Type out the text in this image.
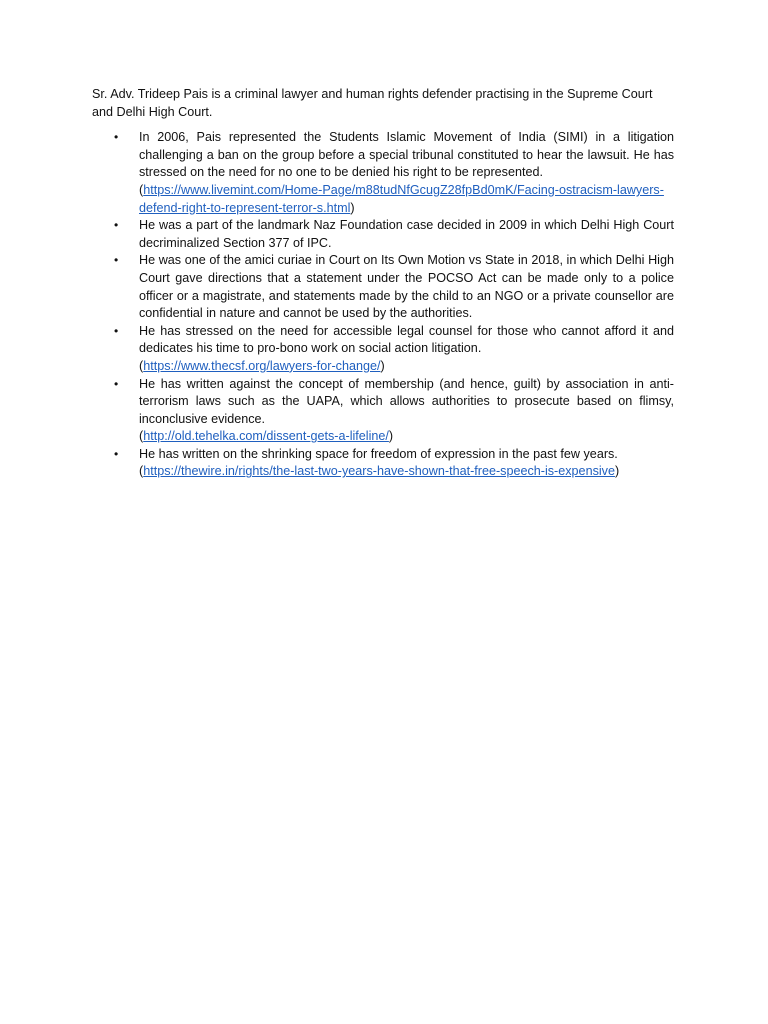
Sr. Adv. Trideep Pais is a criminal lawyer and human rights defender practising in the Supreme Court and Delhi High Court.

• In 2006, Pais represented the Students Islamic Movement of India (SIMI) in a litigation challenging a ban on the group before a special tribunal constituted to hear the lawsuit. He has stressed on the need for no one to be denied his right to be represented.
(https://www.livemint.com/Home-Page/m88tudNfGcugZ28fpBd0mK/Facing-ostracism-lawyers-defend-right-to-represent-terror-s.html)
• He was a part of the landmark Naz Foundation case decided in 2009 in which Delhi High Court decriminalized Section 377 of IPC.
• He was one of the amici curiae in Court on Its Own Motion vs State in 2018, in which Delhi High Court gave directions that a statement under the POCSO Act can be made only to a police officer or a magistrate, and statements made by the child to an NGO or a private counsellor are confidential in nature and cannot be used by the authorities.
• He has stressed on the need for accessible legal counsel for those who cannot afford it and dedicates his time to pro-bono work on social action litigation.
(https://www.thecsf.org/lawyers-for-change/)
• He has written against the concept of membership (and hence, guilt) by association in anti-terrorism laws such as the UAPA, which allows authorities to prosecute based on flimsy, inconclusive evidence.
(http://old.tehelka.com/dissent-gets-a-lifeline/)
• He has written on the shrinking space for freedom of expression in the past few years.
(https://thewire.in/rights/the-last-two-years-have-shown-that-free-speech-is-expensive)
